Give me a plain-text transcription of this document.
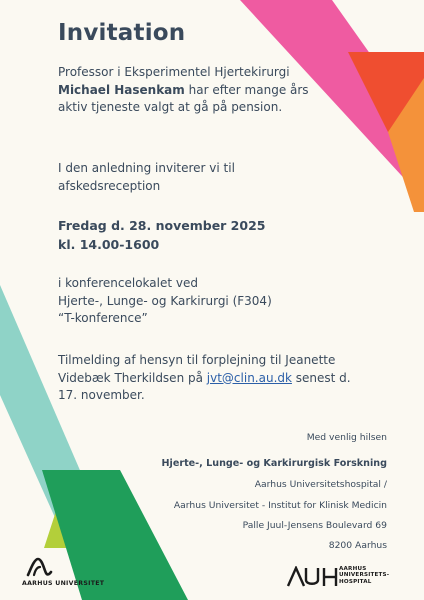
Invitation
Professor i Eksperimentel Hjertekirurgi Michael Hasenkam har efter mange års aktiv tjeneste valgt at gå på pension.
I den anledning inviterer vi til afskedsreception
Fredag d. 28. november 2025
kl. 14.00-1600
i konferencelokalet ved
Hjerte-, Lunge- og Karkirurgi (F304)
“T-konference”
Tilmelding af hensyn til forplejning til Jeanette Videbæk Therkildsen på jvt@clin.au.dk senest d. 17. november.
Med venlig hilsen
Hjerte-, Lunge- og Karkirurgisk Forskning
Aarhus Universitetshospital /
Aarhus Universitet - Institut for Klinisk Medicin
Palle Juul-Jensens Boulevard 69
8200 Aarhus
AARHUS UNIVERSITET
AARHUS
UNIVERSITETS-
HOSPITAL
